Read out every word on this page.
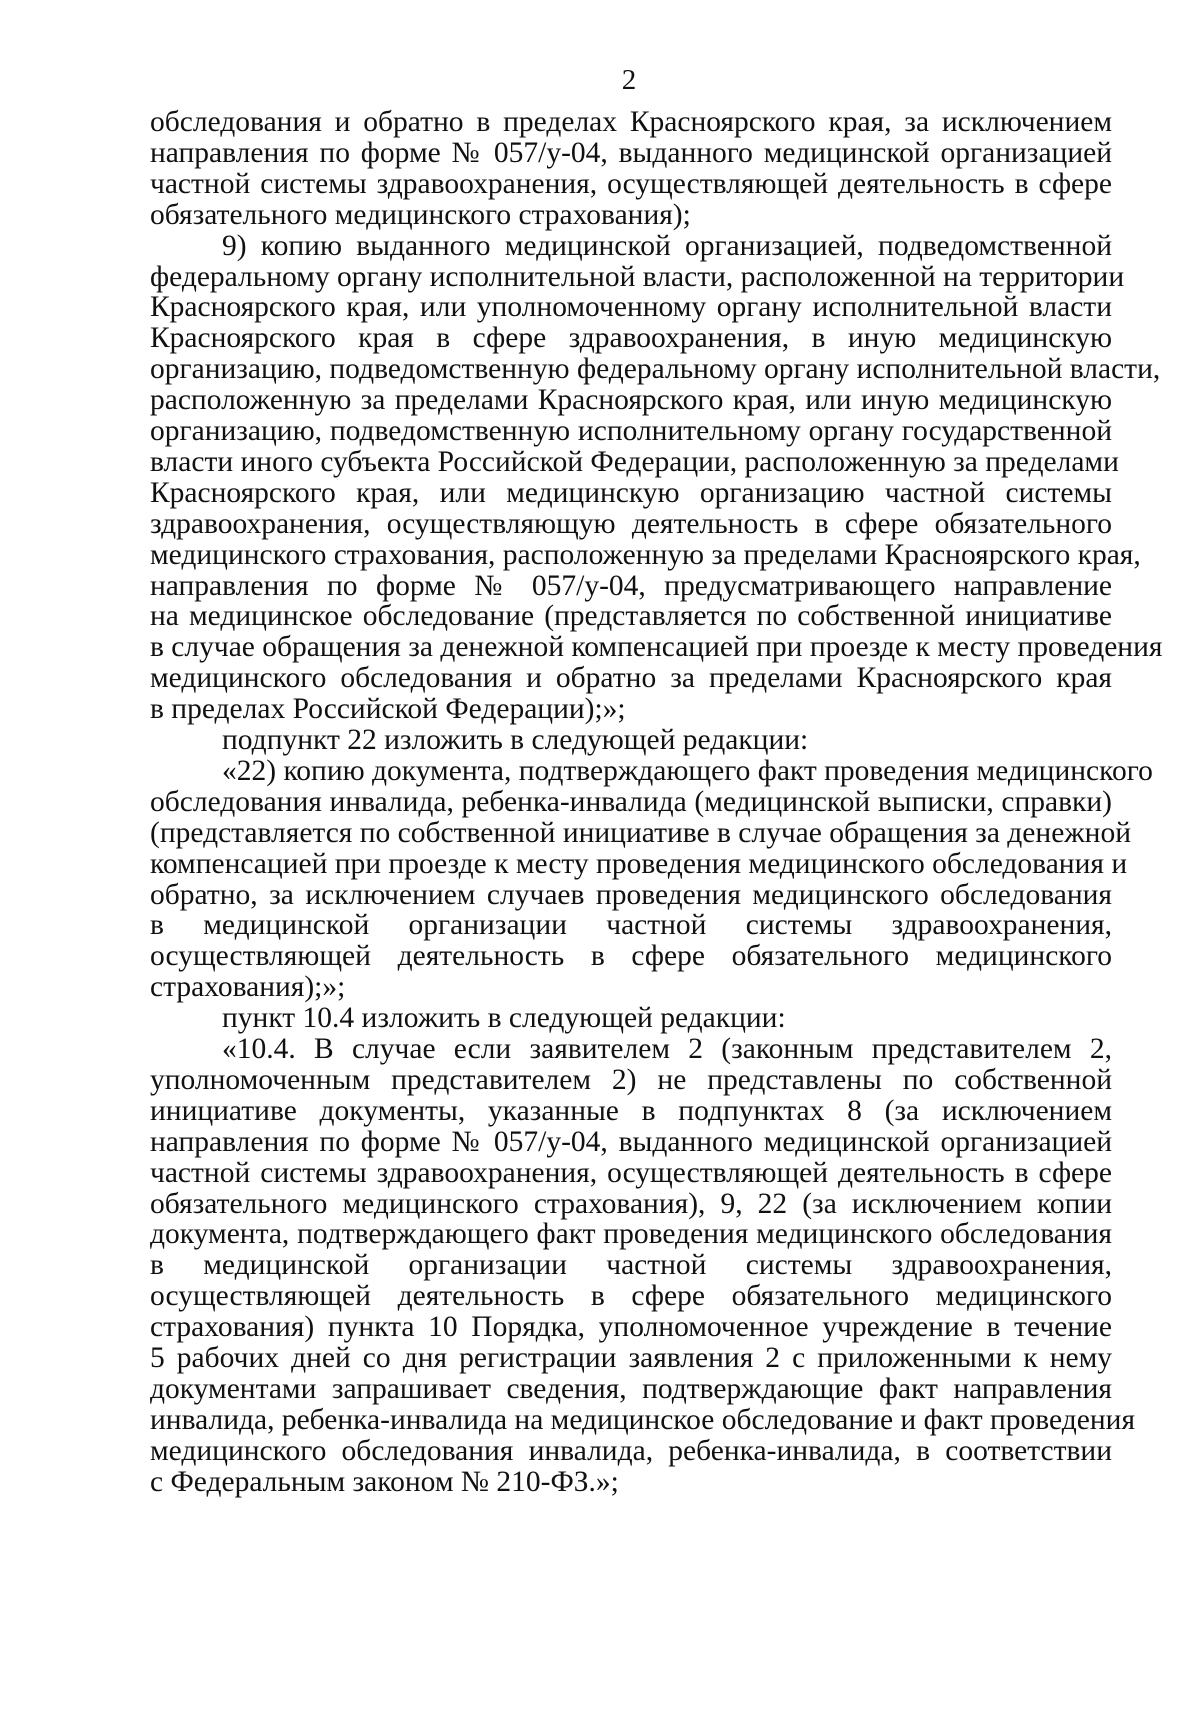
2
обследования и обратно в пределах Красноярского края, за исключением
направления по форме № 057/у-04, выданного медицинской организацией
частной системы здравоохранения, осуществляющей деятельность в сфере
обязательного медицинского страхования);
9) копию выданного медицинской организацией, подведомственной
федеральному органу исполнительной власти, расположенной на территории
Красноярского края, или уполномоченному органу исполнительной власти
Красноярского края в сфере здравоохранения, в иную медицинскую
организацию, подведомственную федеральному органу исполнительной власти,
расположенную за пределами Красноярского края, или иную медицинскую
организацию, подведомственную исполнительному органу государственной
власти иного субъекта Российской Федерации, расположенную за пределами
Красноярского края, или медицинскую организацию частной системы
здравоохранения, осуществляющую деятельность в сфере обязательного
медицинского страхования, расположенную за пределами Красноярского края,
направления по форме № 057/у-04, предусматривающего направление
на медицинское обследование (представляется по собственной инициативе
в случае обращения за денежной компенсацией при проезде к месту проведения
медицинского обследования и обратно за пределами Красноярского края
в пределах Российской Федерации);»;
подпункт 22 изложить в следующей редакции:
«22) копию документа, подтверждающего факт проведения медицинского
обследования инвалида, ребенка-инвалида (медицинской выписки, справки)
(представляется по собственной инициативе в случае обращения за денежной
компенсацией при проезде к месту проведения медицинского обследования и
обратно, за исключением случаев проведения медицинского обследования
в медицинской организации частной системы здравоохранения,
осуществляющей деятельность в сфере обязательного медицинского
страхования);»;
пункт 10.4 изложить в следующей редакции:
«10.4. В случае если заявителем 2 (законным представителем 2,
уполномоченным представителем 2) не представлены по собственной
инициативе документы, указанные в подпунктах 8 (за исключением
направления по форме № 057/у-04, выданного медицинской организацией
частной системы здравоохранения, осуществляющей деятельность в сфере
обязательного медицинского страхования), 9, 22 (за исключением копии
документа, подтверждающего факт проведения медицинского обследования
в медицинской организации частной системы здравоохранения,
осуществляющей деятельность в сфере обязательного медицинского
страхования) пункта 10 Порядка, уполномоченное учреждение в течение
5 рабочих дней со дня регистрации заявления 2 с приложенными к нему
документами запрашивает сведения, подтверждающие факт направления
инвалида, ребенка-инвалида на медицинское обследование и факт проведения
медицинского обследования инвалида, ребенка-инвалида, в соответствии
с Федеральным законом № 210-ФЗ.»;
